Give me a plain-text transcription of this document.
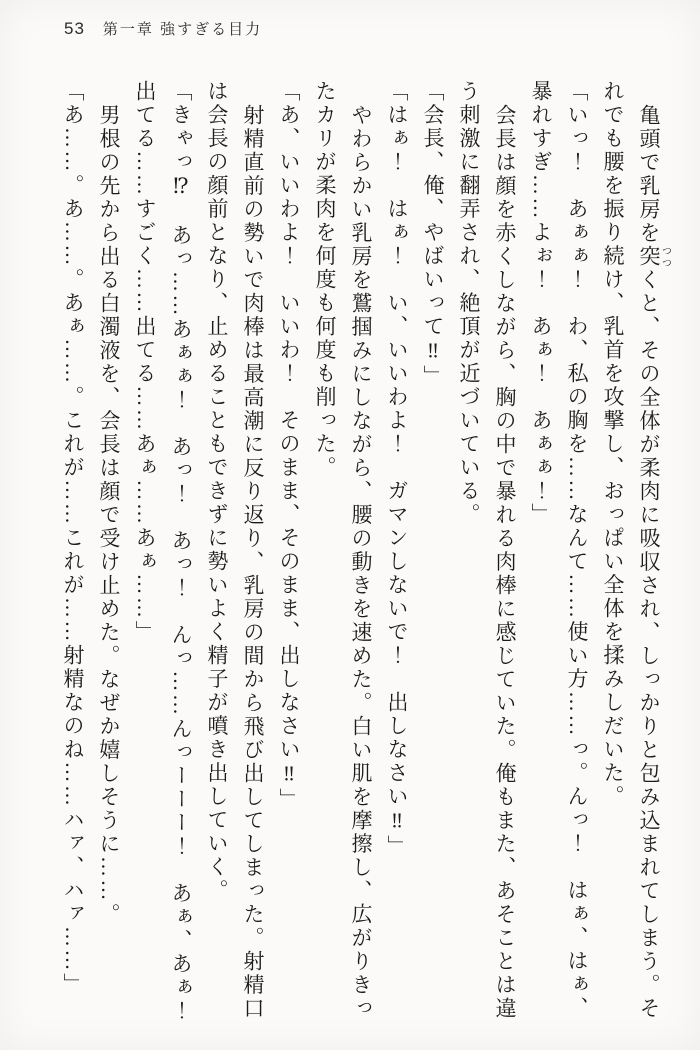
53 第一章 強すぎる目力

亀頭で乳房を突つつくと、その全体が柔肉に吸収され、しっかりと包み込まれてしまう。そ

れでも腰を振り続け、乳首を攻撃し、おっぱい全体を揉みしだいた。

「いっ！　あぁぁ！　わ、私の胸を……なんて……使い方……っ。んっ！　はぁ、はぁ、

暴れすぎ……よぉ！　あぁ！　あぁぁ！」

会長は顔を赤くしながら、胸の中で暴れる肉棒に感じていた。俺もまた、あそことは違

う刺激に翻弄され、絶頂が近づいている。

「会長、俺、やばいって‼」

「はぁ！　はぁ！　い、いいわよ！　ガマンしないで！　出しなさい‼」

やわらかい乳房を鷲掴みにしながら、腰の動きを速めた。白い肌を摩擦し、広がりきっ

たカリが柔肉を何度も何度も削った。

「あ、いいわよ！　いいわ！　そのまま、そのまま、出しなさい‼」

射精直前の勢いで肉棒は最高潮に反り返り、乳房の間から飛び出してしまった。射精口

は会長の顔前となり、止めることもできずに勢いよく精子が噴き出していく。

「きゃっ⁉　あっ……あぁぁ！　あっ！　あっ！　んっ……んっーーー！　あぁ、あぁ！

出てる……すごく……出てる……あぁ……あぁ……」

男根の先から出る白濁液を、会長は顔で受け止めた。なぜか嬉しそうに……。

「あ……。あ……。あぁ……。これが……これが……射精なのね……ハァ、ハァ……」
